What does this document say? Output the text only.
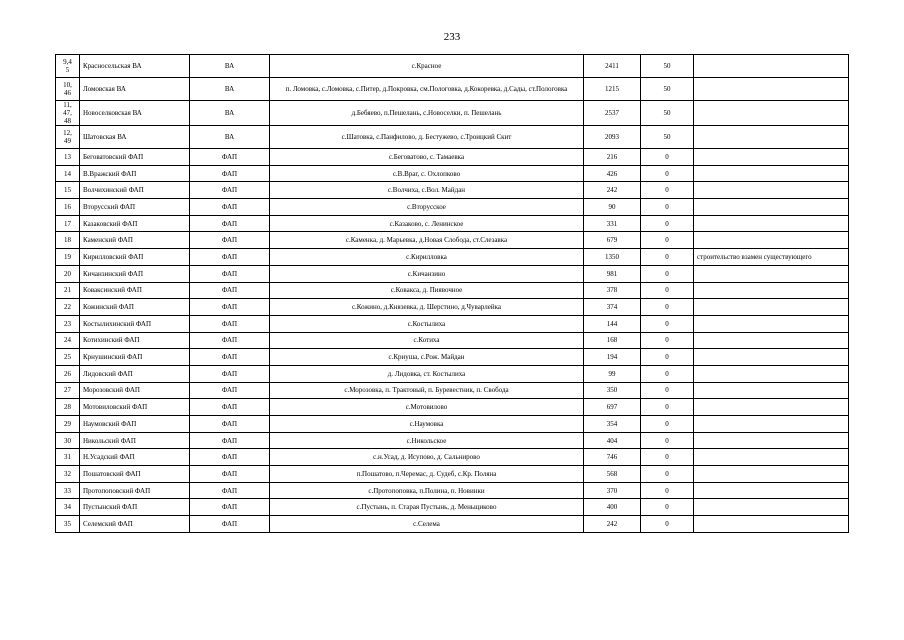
233
9,4
5	Красносельская ВА	ВА	с.Красное	2411	50	
10,
46	Ломовская ВА	ВА	п. Ломовка, с.Ломовка, с.Питер, д.Покровка, см.Пологовка, д.Кокоревка, д.Сады, ст.Пологовка	1215	50	
11,
47,
48	Новоселковская ВА	ВА	д.Бебяево, п.Пешелань, с.Новоселки, п. Пешелань	2537	50	
12,
49	Шатовская ВА	ВА	с.Шатовка, с.Панфилово, д. Бестужево, с.Троицкий Скит	2093	50	
13	Беговатовский ФАП	ФАП	с.Беговатово, с. Тамаевка	216	0	
14	В.Вражский ФАП	ФАП	с.В.Враг, с. Охлопково	426	0	
15	Волчихинский ФАП	ФАП	с.Волчиха, с.Вол. Майдан	242	0	
16	Вторусский ФАП	ФАП	с.Вторусское	90	0	
17	Казаковский ФАП	ФАП	с.Казаково, с. Ленинское	331	0	
18	Каменский ФАП	ФАП	с.Каменка, д. Марьевка, д.Новая Слобода, ст.Слезавка	679	0	
19	Кирилловский ФАП	ФАП	с.Кирилловка	1350	0	строительство взамен существующего
20	Кичанзинский ФАП	ФАП	с.Кичанзино	981	0	
21	Коваксинский ФАП	ФАП	с.Коваксa, д. Пиявочное	378	0	
22	Кожинский ФАП	ФАП	с.Кожино, д.Князевка, д. Шерстино, д.Чуварлейка	374	0	
23	Костылихинский ФАП	ФАП	с.Костылиха	144	0	
24	Котихинский ФАП	ФАП	с.Котиха	168	0	
25	Крнушинский ФАП	ФАП	с.Криуша, с.Рож. Майдан	194	0	
26	Лидовский ФАП	ФАП	д. Лидовка, ст. Костылиха	99	0	
27	Морозовский ФАП	ФАП	с.Морозовка, п. Трактовый, п. Буревестник, п. Свобода	350	0	
28	Мотовиловский ФАП	ФАП	с.Мотовилово	697	0	
29	Наумовский ФАП	ФАП	с.Наумовка	354	0	
30	Никольский ФАП	ФАП	с.Никольское	404	0	
31	Н.Усадский ФАП	ФАП	с.н.Усад, д. Исупово, д. Сальнирово	746	0	
32	Пошатовский ФАП	ФАП	п.Пошатово, п.Черемас, д. Судеб, с.Кр. Поляна	568	0	
33	Протопоповский ФАП	ФАП	с.Протопоповка, п.Полина, п. Новинки	370	0	
34	Пустынский ФАП	ФАП	с.Пустынь, п. Старая Пустынь, д. Меньщиково	400	0	
35	Селемский ФАП	ФАП	с.Селема	242	0	
